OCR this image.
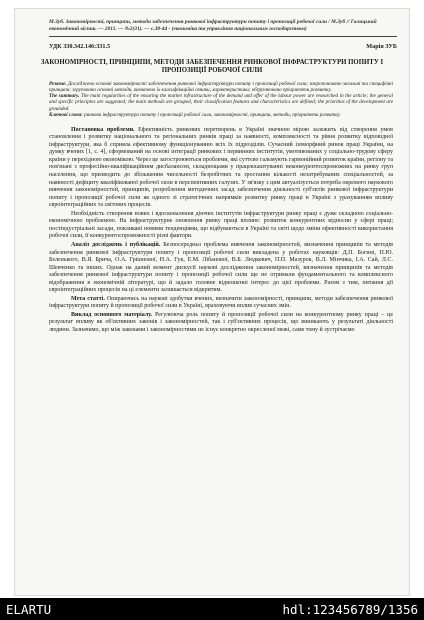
М.Зуб. Закономірності, принципи, методи забезпечення ринкової інфраструктури попиту і пропозиції робочої сили / М.Зуб // Галицький економічний вісник. — 2011. — №2(31). — с.38-44 - (економіка та управління національним господарством)
УДК 330.342.146:331.5	Марія ЗУБ
ЗАКОНОМІРНОСТІ, ПРИНЦИПИ, МЕТОДИ ЗАБЕЗПЕЧЕННЯ РИНКОВОЇ ІНФРАСТРУКТУРИ ПОПИТУ І ПРОПОЗИЦІЇ РОБОЧОЇ СИЛИ
Резюме. Досліджено основні закономірності забезпечення ринкової інфраструктури попиту і пропозиції робочої сили; запропоновано загальні та специфічні принципи; згруповано основні методи, визначено їх класифікаційні ознаки, характеристики; обґрунтовано пріоритети розвитку.
The summary. The main regularities of the ensuring the market infrastructure of the demand and offer of the labour power are researched in the article; the general and specific principles are suggested; the main methods are grouped, their classification features and characteristics are defined; the priorities of the development are grounded.
Ключові слова: ринкова інфраструктура попиту і пропозиції робочої сили, закономірності, принципи, методи, пріоритети розвитку.

Постановка проблеми. Ефективність ринкових перетворень в Україні значною мірою залежить від створення умов становлення і розвитку національного та регіональних ринків праці за наявності, комплексності та рівня розвитку відповідної інфраструктури, яка б сприяла ефективному функціонуванню всіх їх підрозділів. Сучасний ізоморфний ринок праці України, на думку вчених [1, с. 4], сформований на основі інтеграції ринкових і первинних інститутів, умотивованих у соціально-трудову сферу країни у перехідною економікою. Через це загостроюються проблеми, які суттєво гальмують гармонійний розвиток країни, регіону та пов'язані з професійно-кваліфікаційним дисбалансом, складнощами у працевлаштуванні неконкурентоспроможних на ринку груп населення, що призводить до збільшення чисельності безробітних та зростання кількості незатребуваних спеціальностей, за наявності дефіциту кваліфікованої робочої сили в перспективних галузях. У зв'язку з цим актуалізується потреба окремого наукового вивчення закономірностей, принципів, розроблення методичних засад забезпечення діяльності суб'єктів ринкової інфраструктури попиту і пропозиції робочої сили як одного зі стратегічних напрямків розвитку ринку праці в Україні з урахуванням впливу євроінтеграційних та світових процесів.

Необхідність створення нових і вдосконалення діючих інститутів інфраструктури ринку праці є дуже складною соціально-економічною проблемою. На інфраструктурне оновлення ринку праці вплине: розвиток конкурентних відносин у сфері праці; постіндустріальні засади, покликані новими тенденціями, що відбуваються в Україні та світі щодо зміни ефективності використання робочої сили, її конкурентоспроможності різні фактори.

Аналіз досліджень і публікацій. Безпосередньо проблема вивчення закономірностей, визначення принципів та методів забезпечення ринкової інфраструктури попиту і пропозиції робочої сили викладена у роботах науковців: Д.П. Богині, П.Ю. Белєнького, В.Я. Брича, О.А. Грішнової, Н.А. Гук, Е.М. Лібанової, В.Б. Людкевич, П.П. Мазурок, В.Л. Мінчика, І.А. Сай, Л.С. Шевченко та інших. Однак на даний момент дискусії наукові дослідження закономірностей, визначення принципів та методів забезпечення ринкової інфраструктури попиту і пропозиції робочої сили ще не отримали фундаментального та комплексного відображення в економічній літературі, що й задало головне відношенні інтерес до цієї проблеми. Разом з тим, питання дії євроінтеграційних процесів на ці елементи залишається відкритим.

Мета статті. Опираючись на наукові здобутки вчених, визначити закономірності, принципи, методи забезпечення ринкової інфраструктури попиту й пропозиції робочої сили в Україні, враховуючи вплив сучасних змін.

Виклад основного матеріалу. Регулююча роль попиту й пропозиції робочої сили на конкурентному ринку праці – це результат впливу як об'єктивних законів і закономірностей, так і суб'єктивних процесів, що виникають у результаті діяльності людини. Зазначимо, що між законами і закономірностями не існує конкретно окресленої межі, саме тому й зустрічаємо

ELARTU	hdl:123456789/1356
